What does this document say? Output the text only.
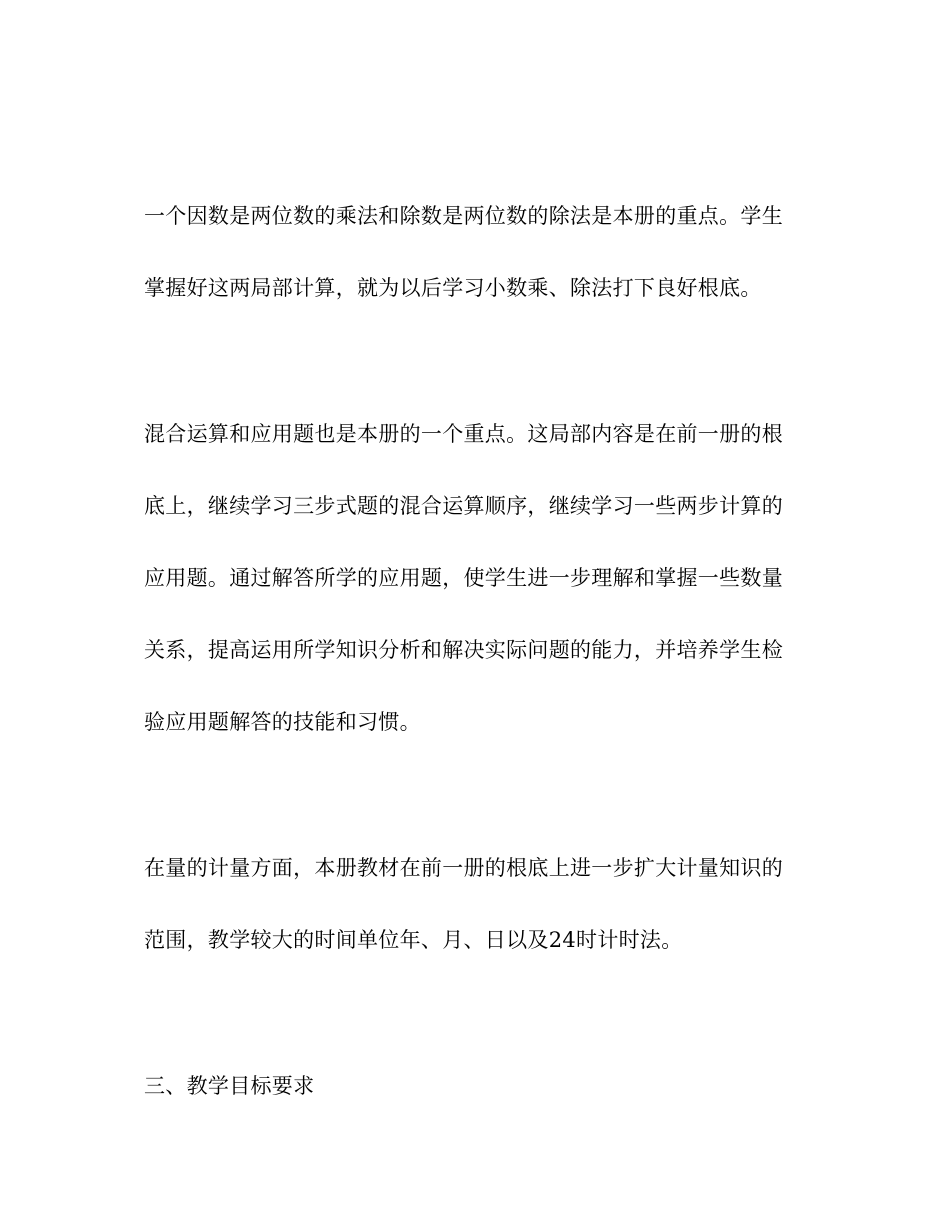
一个因数是两位数的乘法和除数是两位数的除法是本册的重点。学生
掌握好这两局部计算，就为以后学习小数乘、除法打下良好根底。

混合运算和应用题也是本册的一个重点。这局部内容是在前一册的根
底上，继续学习三步式题的混合运算顺序，继续学习一些两步计算的
应用题。通过解答所学的应用题，使学生进一步理解和掌握一些数量
关系，提高运用所学知识分析和解决实际问题的能力，并培养学生检
验应用题解答的技能和习惯。

在量的计量方面，本册教材在前一册的根底上进一步扩大计量知识的
范围，教学较大的时间单位年、月、日以及24时计时法。

三、教学目标要求
